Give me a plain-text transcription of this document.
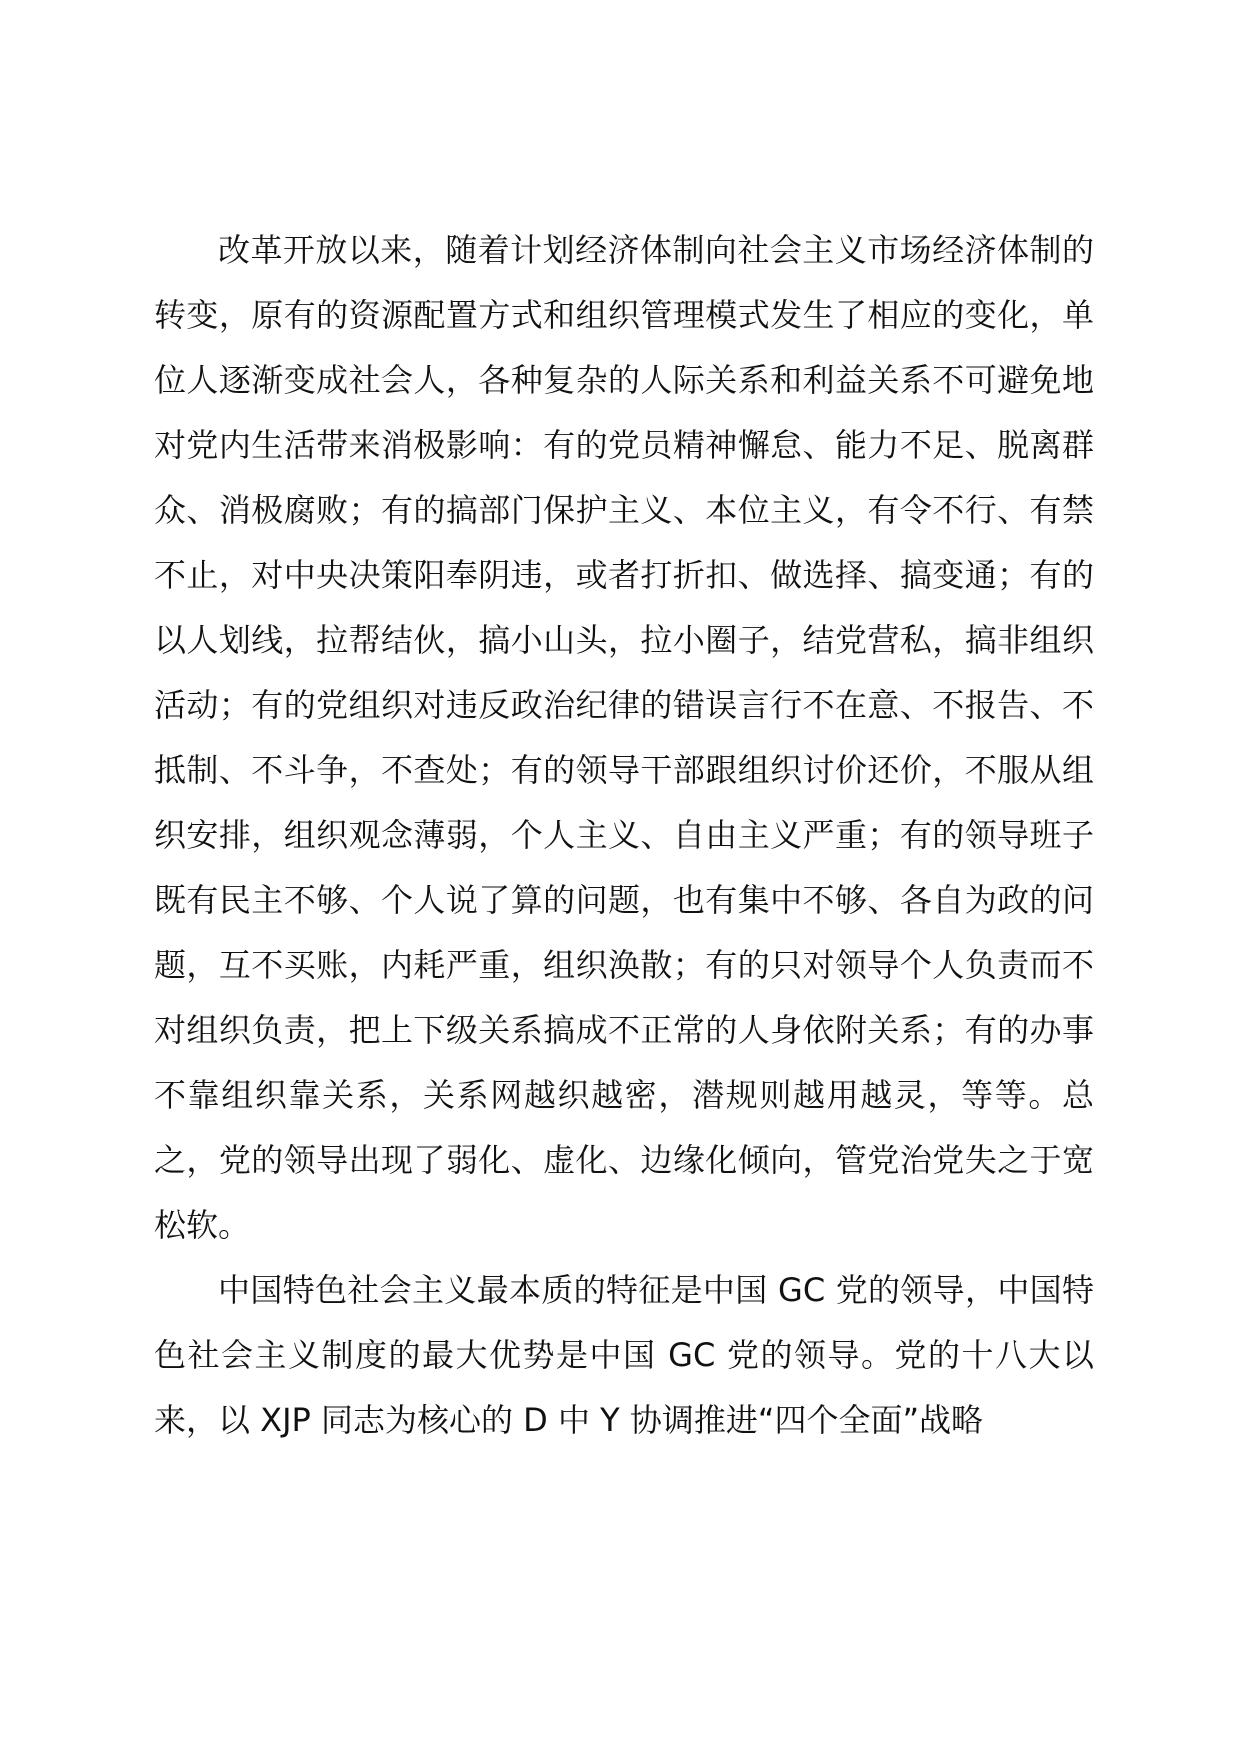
改革开放以来，随着计划经济体制向社会主义市场经济体制的转变，原有的资源配置方式和组织管理模式发生了相应的变化，单位人逐渐变成社会人，各种复杂的人际关系和利益关系不可避免地对党内生活带来消极影响：有的党员精神懈怠、能力不足、脱离群众、消极腐败；有的搞部门保护主义、本位主义，有令不行、有禁不止，对中央决策阳奉阴违，或者打折扣、做选择、搞变通；有的以人划线，拉帮结伙，搞小山头，拉小圈子，结党营私，搞非组织活动；有的党组织对违反政治纪律的错误言行不在意、不报告、不抵制、不斗争，不查处；有的领导干部跟组织讨价还价，不服从组织安排，组织观念薄弱，个人主义、自由主义严重；有的领导班子既有民主不够、个人说了算的问题，也有集中不够、各自为政的问题，互不买账，内耗严重，组织涣散；有的只对领导个人负责而不对组织负责，把上下级关系搞成不正常的人身依附关系；有的办事不靠组织靠关系，关系网越织越密，潜规则越用越灵，等等。总之，党的领导出现了弱化、虚化、边缘化倾向，管党治党失之于宽松软。

中国特色社会主义最本质的特征是中国 GC 党的领导，中国特色社会主义制度的最大优势是中国 GC 党的领导。党的十八大以来，以 XJP 同志为核心的 D 中 Y 协调推进“四个全面”战略
